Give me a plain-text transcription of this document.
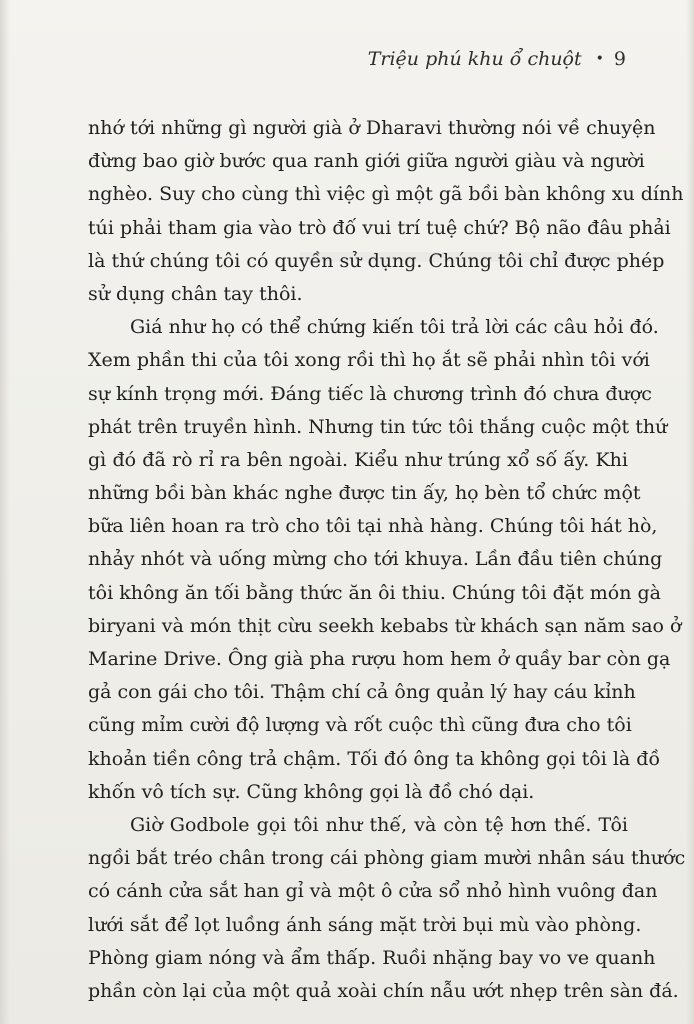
Triệu phú khu ổ chuột • 9
nhớ tới những gì người già ở Dharavi thường nói về chuyện
đừng bao giờ bước qua ranh giới giữa người giàu và người
nghèo. Suy cho cùng thì việc gì một gã bồi bàn không xu dính
túi phải tham gia vào trò đố vui trí tuệ chứ? Bộ não đâu phải
là thứ chúng tôi có quyền sử dụng. Chúng tôi chỉ được phép
sử dụng chân tay thôi.
Giá như họ có thể chứng kiến tôi trả lời các câu hỏi đó.
Xem phần thi của tôi xong rồi thì họ ắt sẽ phải nhìn tôi với
sự kính trọng mới. Đáng tiếc là chương trình đó chưa được
phát trên truyền hình. Nhưng tin tức tôi thắng cuộc một thứ
gì đó đã rò rỉ ra bên ngoài. Kiểu như trúng xổ số ấy. Khi
những bồi bàn khác nghe được tin ấy, họ bèn tổ chức một
bữa liên hoan ra trò cho tôi tại nhà hàng. Chúng tôi hát hò,
nhảy nhót và uống mừng cho tới khuya. Lần đầu tiên chúng
tôi không ăn tối bằng thức ăn ôi thiu. Chúng tôi đặt món gà
biryani và món thịt cừu seekh kebabs từ khách sạn năm sao ở
Marine Drive. Ông già pha rượu hom hem ở quầy bar còn gạ
gả con gái cho tôi. Thậm chí cả ông quản lý hay cáu kỉnh
cũng mỉm cười độ lượng và rốt cuộc thì cũng đưa cho tôi
khoản tiền công trả chậm. Tối đó ông ta không gọi tôi là đồ
khốn vô tích sự. Cũng không gọi là đồ chó dại.
Giờ Godbole gọi tôi như thế, và còn tệ hơn thế. Tôi
ngồi bắt tréo chân trong cái phòng giam mười nhân sáu thước
có cánh cửa sắt han gỉ và một ô cửa sổ nhỏ hình vuông đan
lưới sắt để lọt luồng ánh sáng mặt trời bụi mù vào phòng.
Phòng giam nóng và ẩm thấp. Ruồi nhặng bay vo ve quanh
phần còn lại của một quả xoài chín nẫu ướt nhẹp trên sàn đá.
